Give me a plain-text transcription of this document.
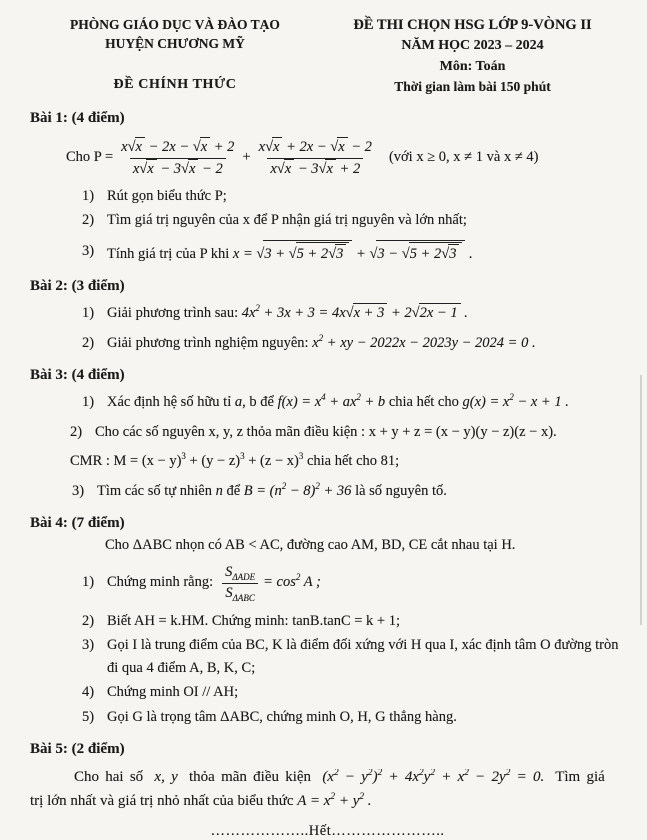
PHÒNG GIÁO DỤC VÀ ĐÀO TẠO
HUYỆN CHƯƠNG MỸ
ĐỀ CHÍNH THỨC
ĐỀ THI CHỌN HSG LỚP 9-VÒNG II
NĂM HỌC 2023 – 2024
Môn: Toán
Thời gian làm bài 150 phút
Bài 1: (4 điểm)
Cho $P = \frac{x √ x - 2x - √ x + 2}{x √ x - 3 √ x - 2} + \frac{x √ x + 2x - √ x - 2}{x √ x - 3 √ x + 2}$ (với x ≥ 0, x ≠ 1 và x ≠ 4)
1) Rút gọn biểu thức P;
2) Tìm giá trị nguyên của x để P nhận giá trị nguyên và lớn nhất;
3) Tính giá trị của P khi x = √ 3 + √ 5 + 2 √ 3 + √ 3 − √ 5 + 2 √ 3 .
Bài 2: (3 điểm)
1) Giải phương trình sau: $4x^2 + 3x + 3 = 4x$ √ x + 3 + 2 √ 2x − 1 .
2) Giải phương trình nghiệm nguyên: $x^2$ + xy − 2022x − 2023y − 2024 = 0 .
Bài 3: (4 điểm)
1) Xác định hệ số hữu tỉ a, b để $f(x) = x^4 + ax^2 + b$ chia hết cho $g(x) = x^2 - x + 1$ .
2) Cho các số nguyên x, y, z thỏa mãn điều kiện : x + y + z = (x − y)(y − z)(z − x).
CMR : $M = (x - y)^3 + (y - z)^3 + (z - x)^3$ chia hết cho 81;
3) Tìm các số tự nhiên n để $B = (n^2 - 8)^2 + 36$ là số nguyên tố.
Bài 4: (7 điểm)
Cho ΔABC nhọn có AB < AC, đường cao AM, BD, CE cắt nhau tại H.
1) Chứng minh rằng: $\frac{S_{\Delta ADE}}{S_{\Delta ABC}} = \cos^2 A$ ;
2) Biết AH = k.HM. Chứng minh: tanB.tanC = k + 1;
3) Gọi I là trung điểm của BC, K là điểm đối xứng với H qua I, xác định tâm O đường tròn đi qua 4 điểm A, B, K, C;
4) Chứng minh OI // AH;
5) Gọi G là trọng tâm ΔABC, chứng minh O, H, G thẳng hàng.
Bài 5: (2 điểm)
Cho hai số x, y thỏa mãn điều kiện $(x^2 - y^2)^2 + 4x^2y^2 + x^2 - 2y^2 = 0$. Tìm giá
trị lớn nhất và giá trị nhỏ nhất của biểu thức $A = x^2 + y^2$ .
………………..Hết…………………..
